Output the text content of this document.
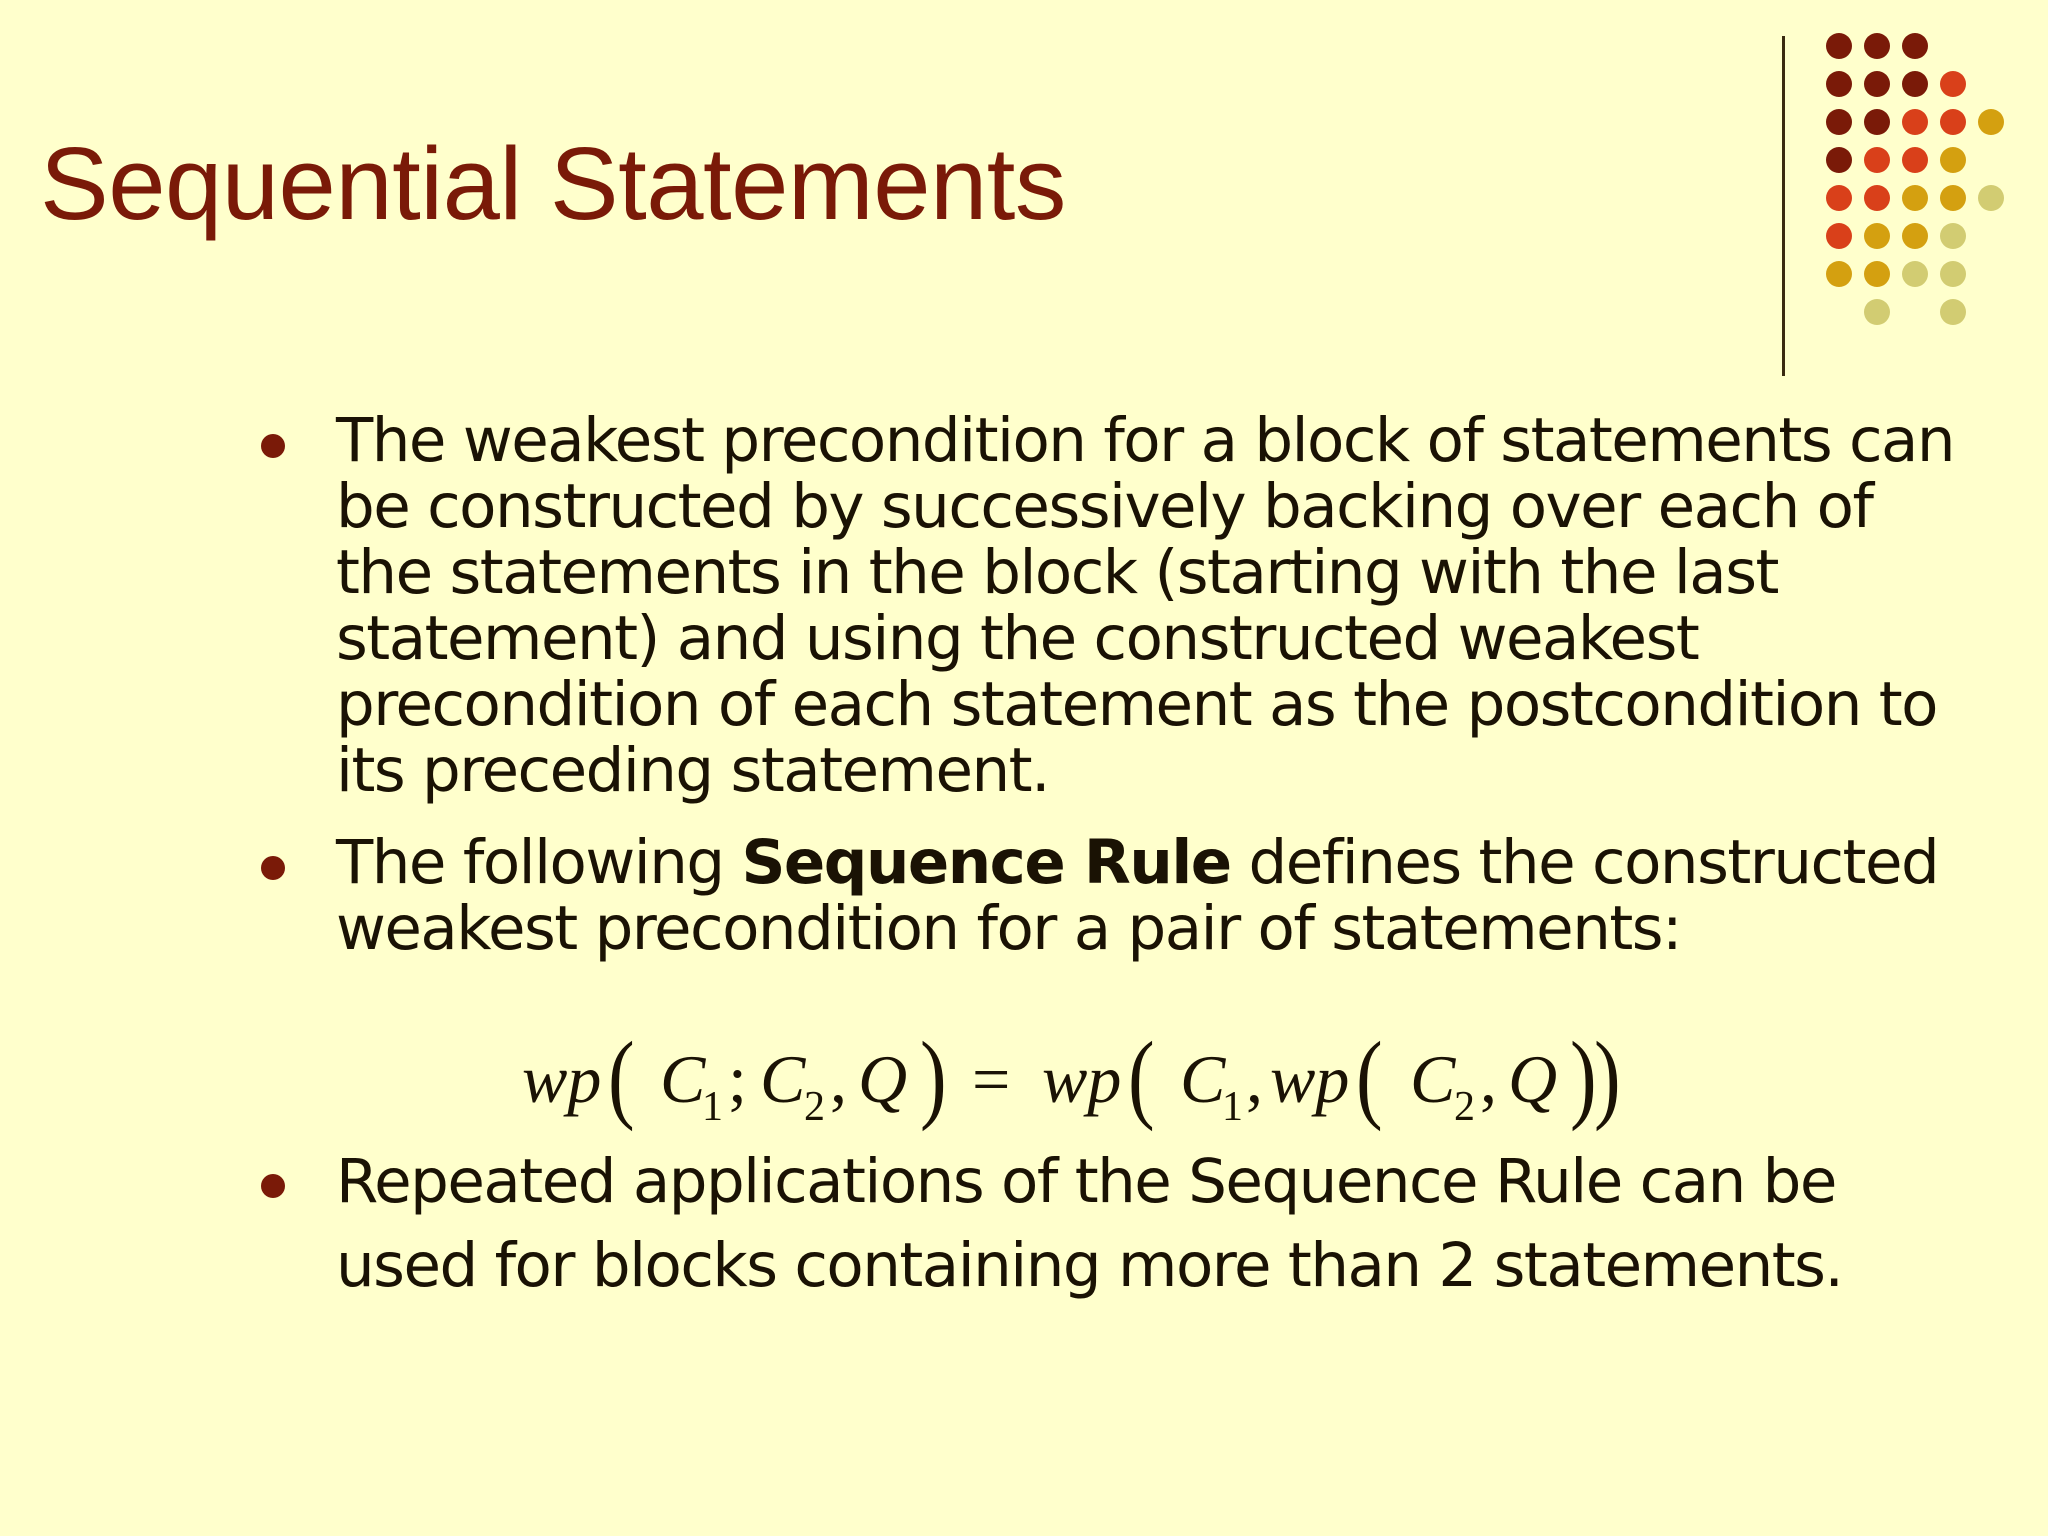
Sequential Statements
The weakest precondition for a block of statements can be constructed by successively backing over each of the statements in the block (starting with the last statement) and using the constructed weakest precondition of each statement as the postcondition to its preceding statement.
The following Sequence Rule defines the constructed weakest precondition for a pair of statements:
wp ( C
1 ; C
2 , Q ) = wp ( C
1 , wp ( C
2 , Q )
)
Repeated applications of the Sequence Rule can be used for blocks containing more than 2 statements.
